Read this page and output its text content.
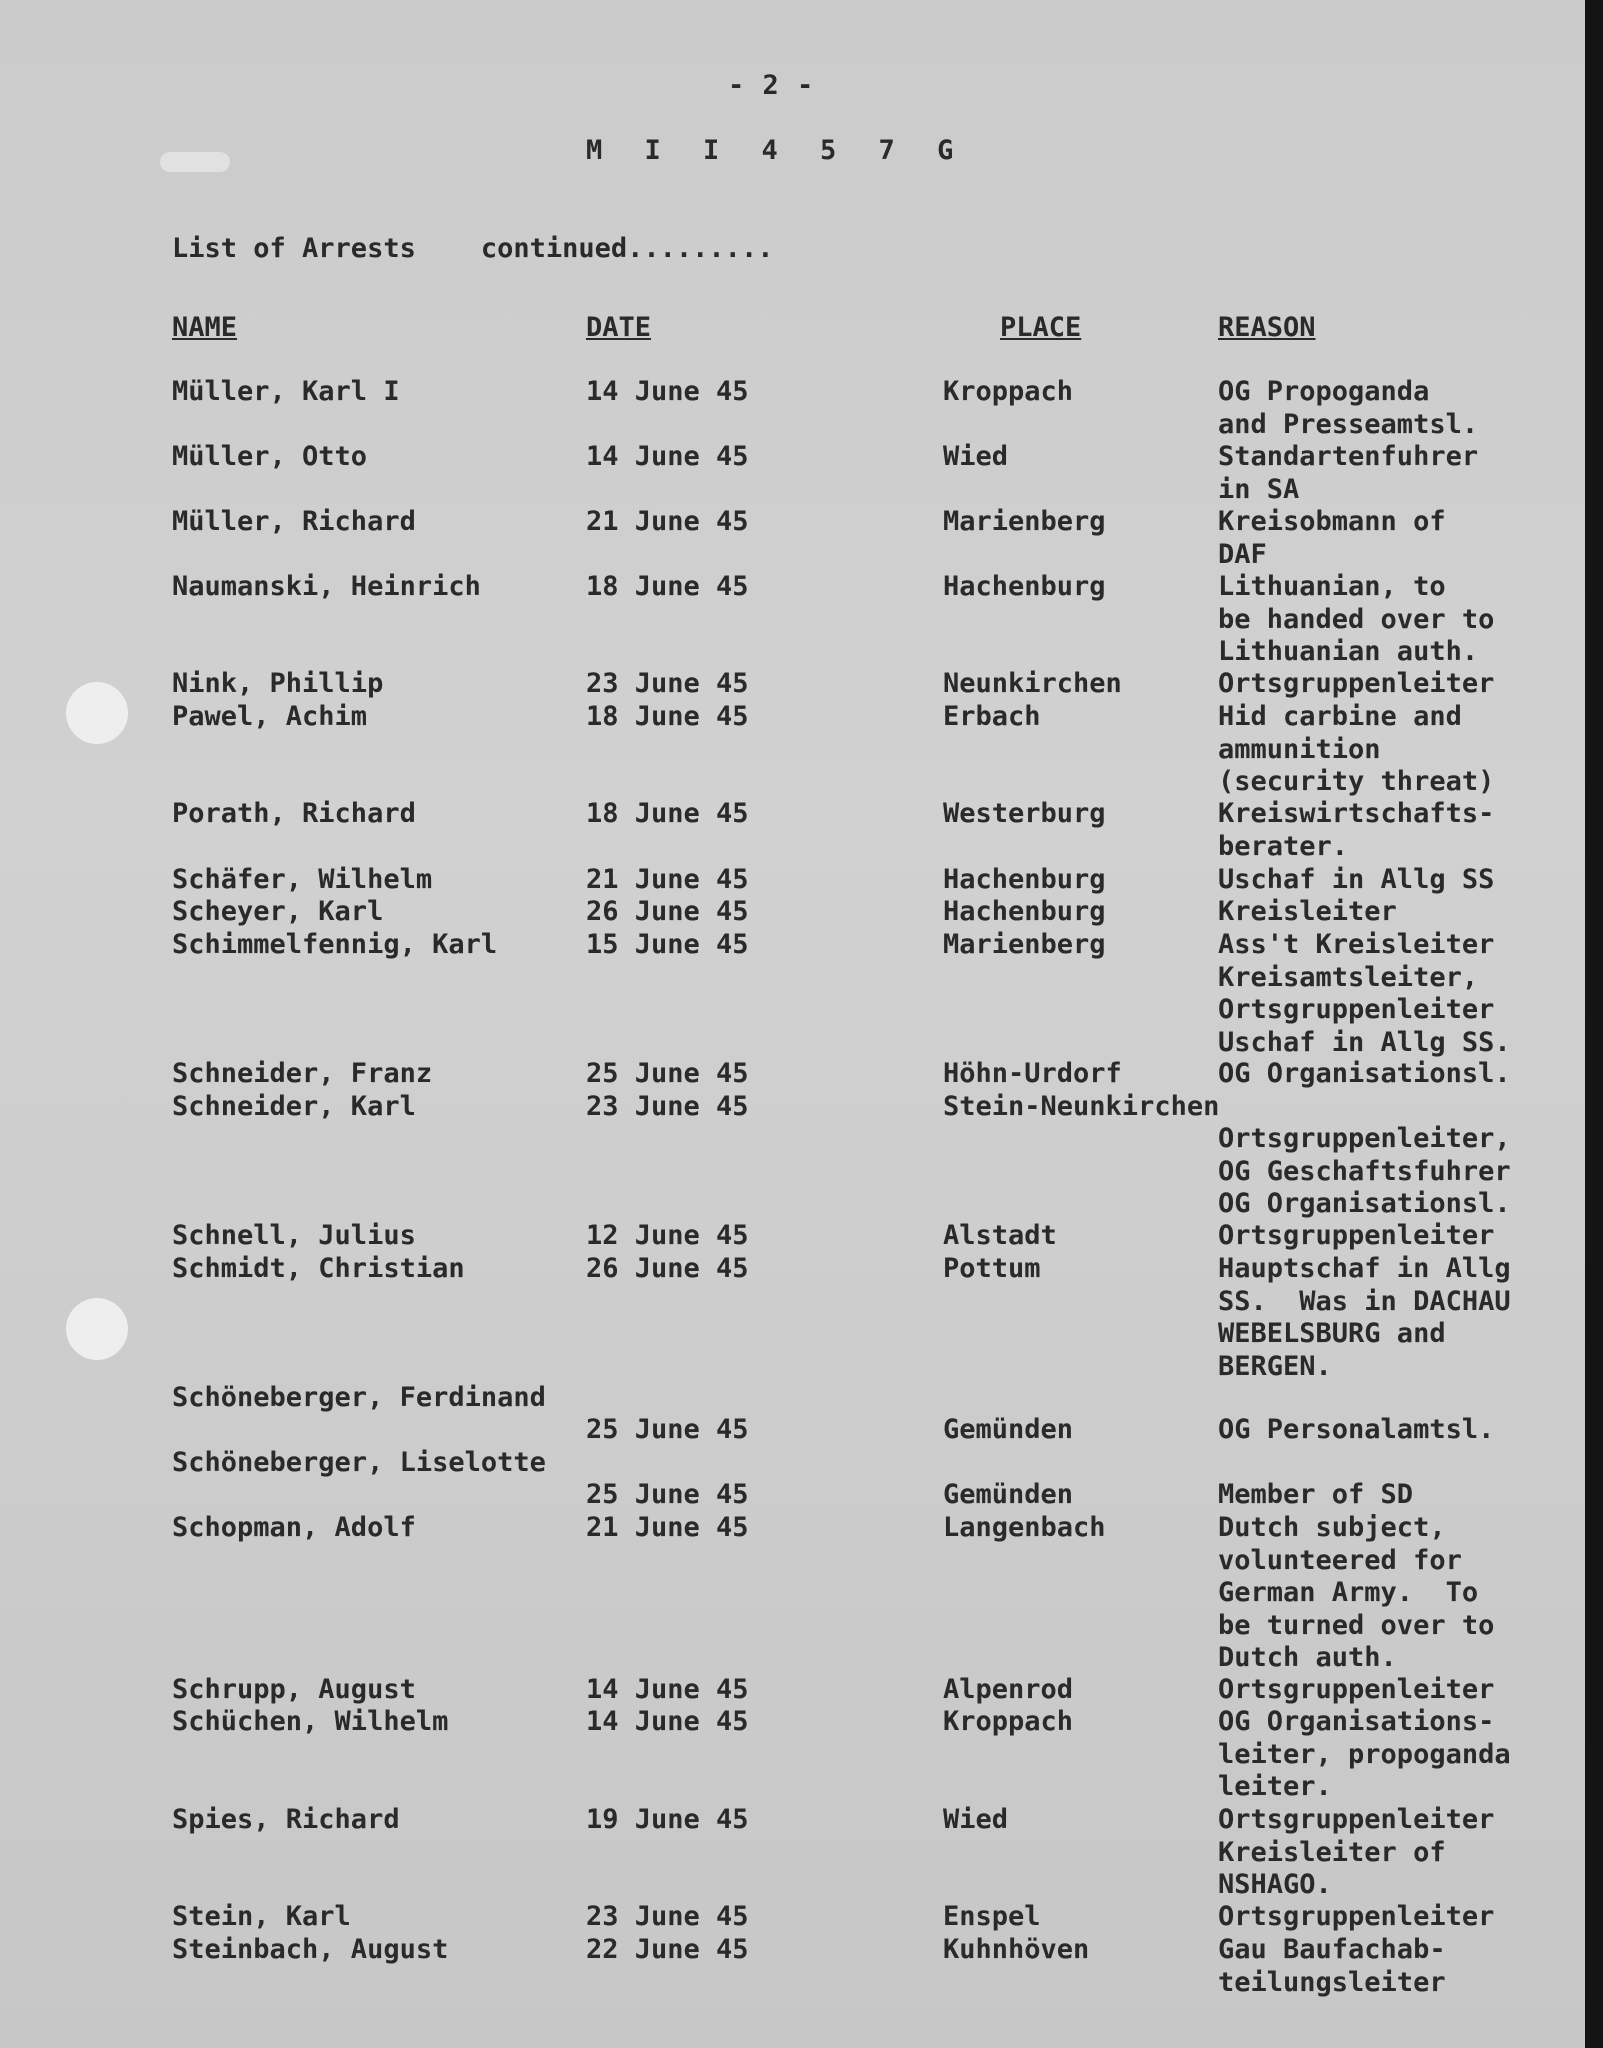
- 2 -
M I I 4 5 7 G
List of Arrests    continued.........
NAME	DATE	PLACE	REASON
Müller, Karl I	14 June 45	Kroppach	OG Propoganda
and Presseamtsl.
Müller, Otto	14 June 45	Wied	Standartenfuhrer
in SA
Müller, Richard	21 June 45	Marienberg	Kreisobmann of
DAF
Naumanski, Heinrich	18 June 45	Hachenburg	Lithuanian, to
be handed over to
Lithuanian auth.
Nink, Phillip	23 June 45	Neunkirchen	Ortsgruppenleiter
Pawel, Achim	18 June 45	Erbach	Hid carbine and
ammunition
(security threat)
Porath, Richard	18 June 45	Westerburg	Kreiswirtschafts-
berater.
Schäfer, Wilhelm	21 June 45	Hachenburg	Uschaf in Allg SS
Scheyer, Karl	26 June 45	Hachenburg	Kreisleiter
Schimmelfennig, Karl	15 June 45	Marienberg	Ass't Kreisleiter
Kreisamtsleiter,
Ortsgruppenleiter
Uschaf in Allg SS.
Schneider, Franz	25 June 45	Höhn-Urdorf	OG Organisationsl.
Schneider, Karl	23 June 45	Stein-Neunkirchen
Ortsgruppenleiter,
OG Geschaftsfuhrer
OG Organisationsl.
Schnell, Julius	12 June 45	Alstadt	Ortsgruppenleiter
Schmidt, Christian	26 June 45	Pottum	Hauptschaf in Allg
SS.  Was in DACHAU
WEBELSBURG and
BERGEN.
Schöneberger, Ferdinand
25 June 45	Gemünden	OG Personalamtsl.
Schöneberger, Liselotte
25 June 45	Gemünden	Member of SD
Schopman, Adolf	21 June 45	Langenbach	Dutch subject,
volunteered for
German Army.  To
be turned over to
Dutch auth.
Schrupp, August	14 June 45	Alpenrod	Ortsgruppenleiter
Schüchen, Wilhelm	14 June 45	Kroppach	OG Organisations-
leiter, propoganda
leiter.
Spies, Richard	19 June 45	Wied	Ortsgruppenleiter
Kreisleiter of
NSHAGO.
Stein, Karl	23 June 45	Enspel	Ortsgruppenleiter
Steinbach, August	22 June 45	Kuhnhöven	Gau Baufachab-
teilungsleiter
